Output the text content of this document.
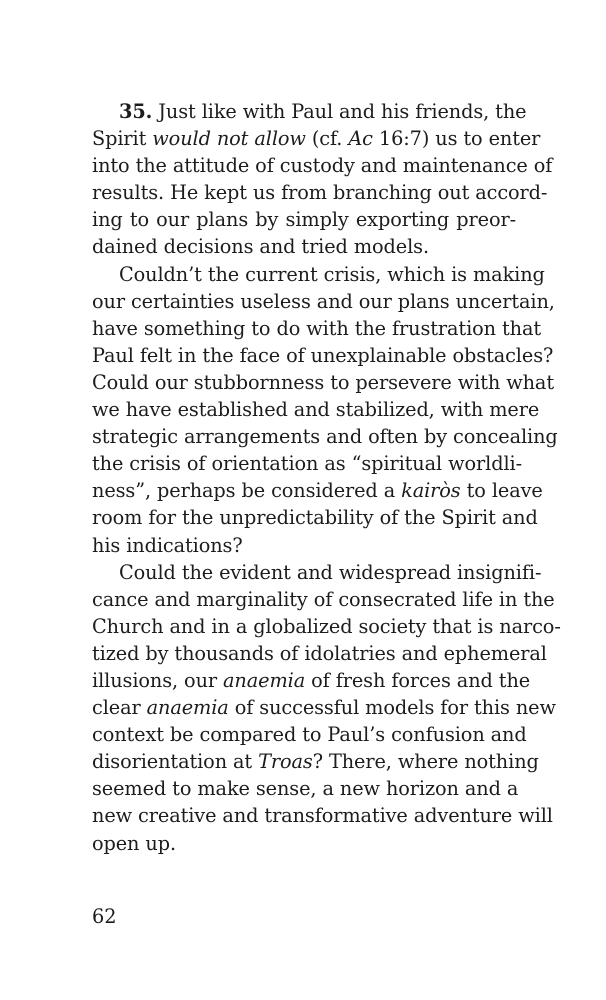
35. Just like with Paul and his friends, the
Spirit would not allow (cf. Ac 16:7) us to enter
into the attitude of custody and maintenance of
results. He kept us from branching out accord-
ing to our plans by simply exporting preor-
dained decisions and tried models.
Couldn’t the current crisis, which is making
our certainties useless and our plans uncertain,
have something to do with the frustration that
Paul felt in the face of unexplainable obstacles?
Could our stubbornness to persevere with what
we have established and stabilized, with mere
strategic arrangements and often by concealing
the crisis of orientation as “spiritual worldli-
ness”, perhaps be considered a kairòs to leave
room for the unpredictability of the Spirit and
his indications?
Could the evident and widespread insignifi-
cance and marginality of consecrated life in the
Church and in a globalized society that is narco-
tized by thousands of idolatries and ephemeral
illusions, our anaemia of fresh forces and the
clear anaemia of successful models for this new
context be compared to Paul’s confusion and
disorientation at Troas? There, where nothing
seemed to make sense, a new horizon and a
new creative and transformative adventure will
open up.
62
